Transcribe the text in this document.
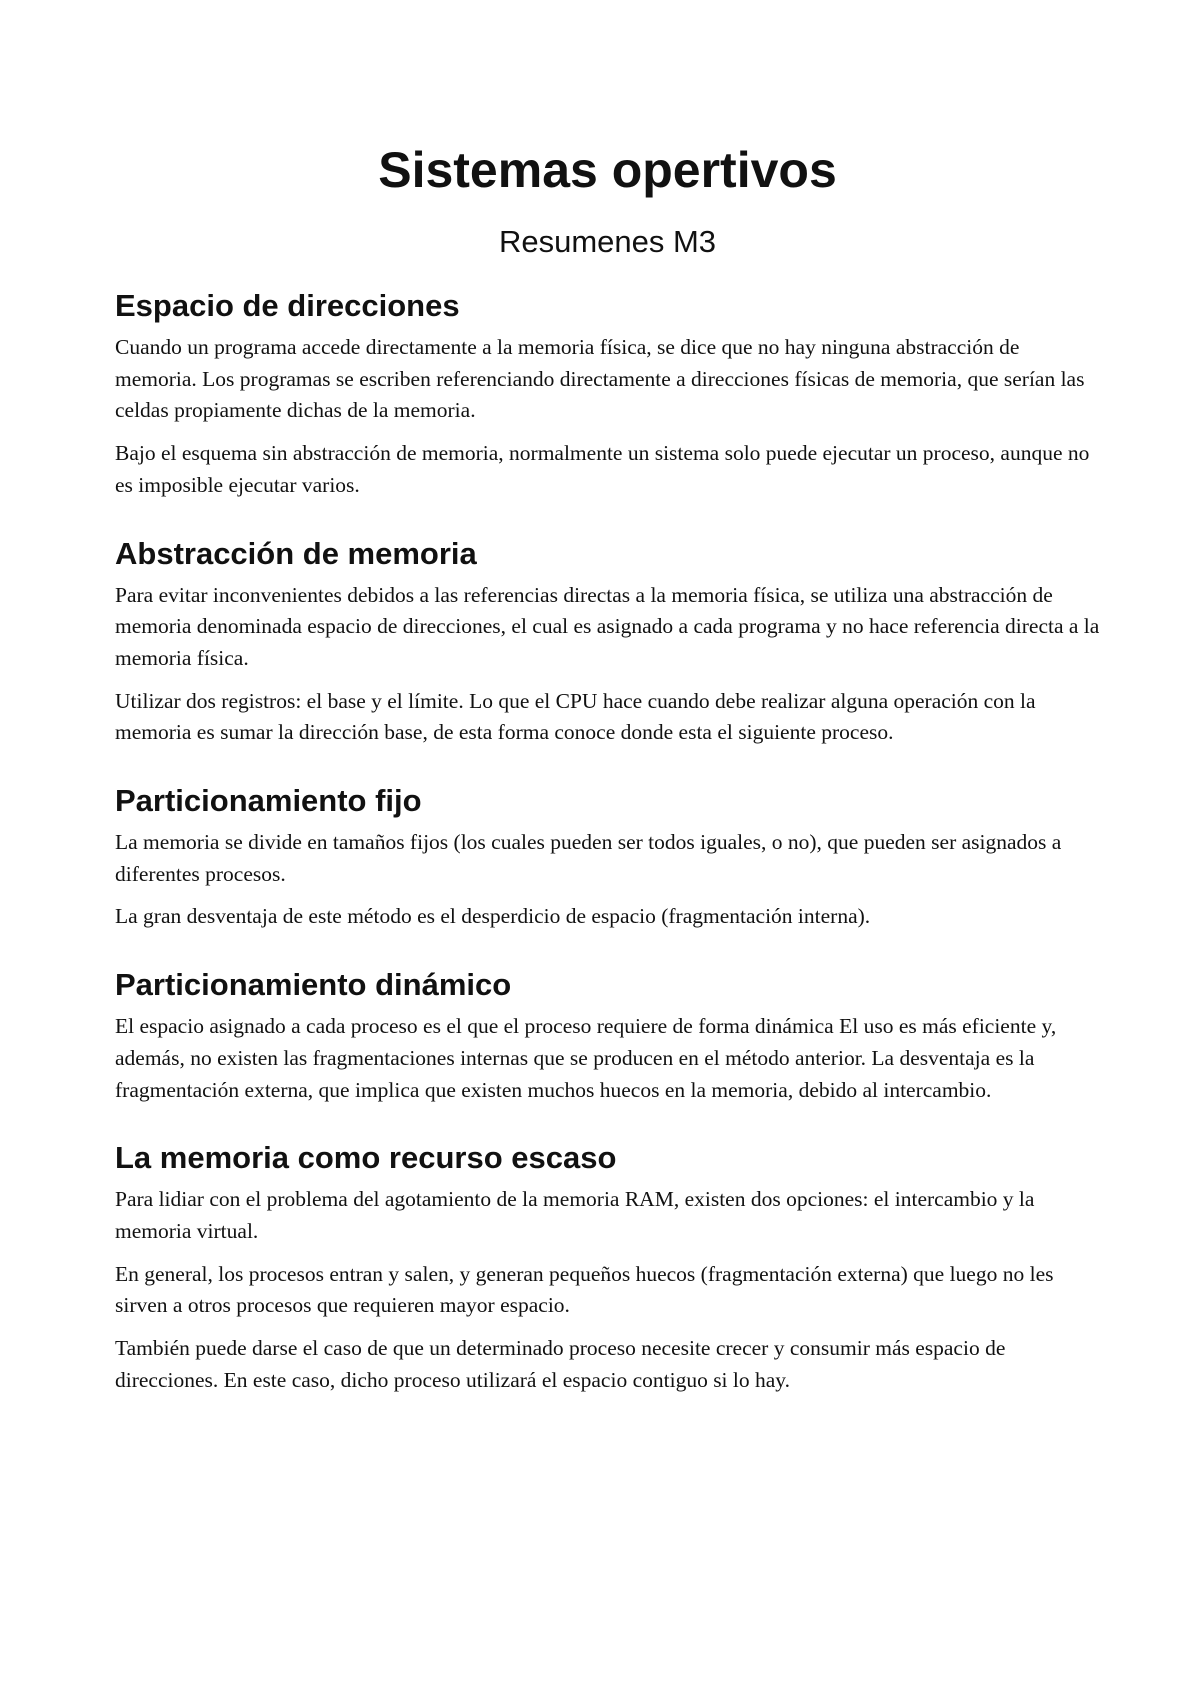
Sistemas opertivos
Resumenes M3
Espacio de direcciones

Cuando un programa accede directamente a la memoria física, se dice que no hay ninguna abstracción de memoria. Los programas se escriben referenciando directamente a direcciones físicas de memoria, que serían las celdas propiamente dichas de la memoria.

Bajo el esquema sin abstracción de memoria, normalmente un sistema solo puede ejecutar un proceso, aunque no es imposible ejecutar varios.

Abstracción de memoria

Para evitar inconvenientes debidos a las referencias directas a la memoria física, se utiliza una abstracción de memoria denominada espacio de direcciones, el cual es asignado a cada programa y no hace referencia directa a la memoria física.

Utilizar dos registros: el base y el límite. Lo que el CPU hace cuando debe realizar alguna operación con la memoria es sumar la dirección base, de esta forma conoce donde esta el siguiente proceso.

Particionamiento fijo

La memoria se divide en tamaños fijos (los cuales pueden ser todos iguales, o no), que pueden ser asignados a diferentes procesos.

La gran desventaja de este método es el desperdicio de espacio (fragmentación interna).

Particionamiento dinámico

El espacio asignado a cada proceso es el que el proceso requiere de forma dinámica El uso es más eficiente y, además, no existen las fragmentaciones internas que se producen en el método anterior. La desventaja es la fragmentación externa, que implica que existen muchos huecos en la memoria, debido al intercambio.

La memoria como recurso escaso

Para lidiar con el problema del agotamiento de la memoria RAM, existen dos opciones: el intercambio y la memoria virtual.

En general, los procesos entran y salen, y generan pequeños huecos (fragmentación externa) que luego no les sirven a otros procesos que requieren mayor espacio.

También puede darse el caso de que un determinado proceso necesite crecer y consumir más espacio de direcciones. En este caso, dicho proceso utilizará el espacio contiguo si lo hay.
